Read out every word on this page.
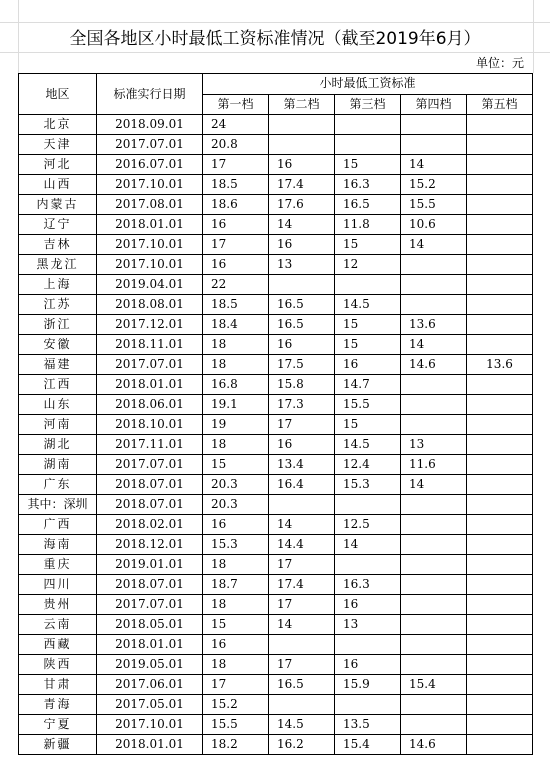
全国各地区小时最低工资标准情况（截至2019年6月）
单位：元
地区	标准实行日期	小时最低工资标准				
		第一档	第二档	第三档	第四档	第五档
北京	2018.09.01	24				
天津	2017.07.01	20.8				
河北	2016.07.01	17	16	15	14	
山西	2017.10.01	18.5	17.4	16.3	15.2	
内蒙古	2017.08.01	18.6	17.6	16.5	15.5	
辽宁	2018.01.01	16	14	11.8	10.6	
吉林	2017.10.01	17	16	15	14	
黑龙江	2017.10.01	16	13	12		
上海	2019.04.01	22				
江苏	2018.08.01	18.5	16.5	14.5		
浙江	2017.12.01	18.4	16.5	15	13.6	
安徽	2018.11.01	18	16	15	14	
福建	2017.07.01	18	17.5	16	14.6	13.6
江西	2018.01.01	16.8	15.8	14.7		
山东	2018.06.01	19.1	17.3	15.5		
河南	2018.10.01	19	17	15		
湖北	2017.11.01	18	16	14.5	13	
湖南	2017.07.01	15	13.4	12.4	11.6	
广东	2018.07.01	20.3	16.4	15.3	14	
其中：深圳	2018.07.01	20.3				
广西	2018.02.01	16	14	12.5		
海南	2018.12.01	15.3	14.4	14		
重庆	2019.01.01	18	17			
四川	2018.07.01	18.7	17.4	16.3		
贵州	2017.07.01	18	17	16		
云南	2018.05.01	15	14	13		
西藏	2018.01.01	16				
陕西	2019.05.01	18	17	16		
甘肃	2017.06.01	17	16.5	15.9	15.4	
青海	2017.05.01	15.2				
宁夏	2017.10.01	15.5	14.5	13.5		
新疆	2018.01.01	18.2	16.2	15.4	14.6	
